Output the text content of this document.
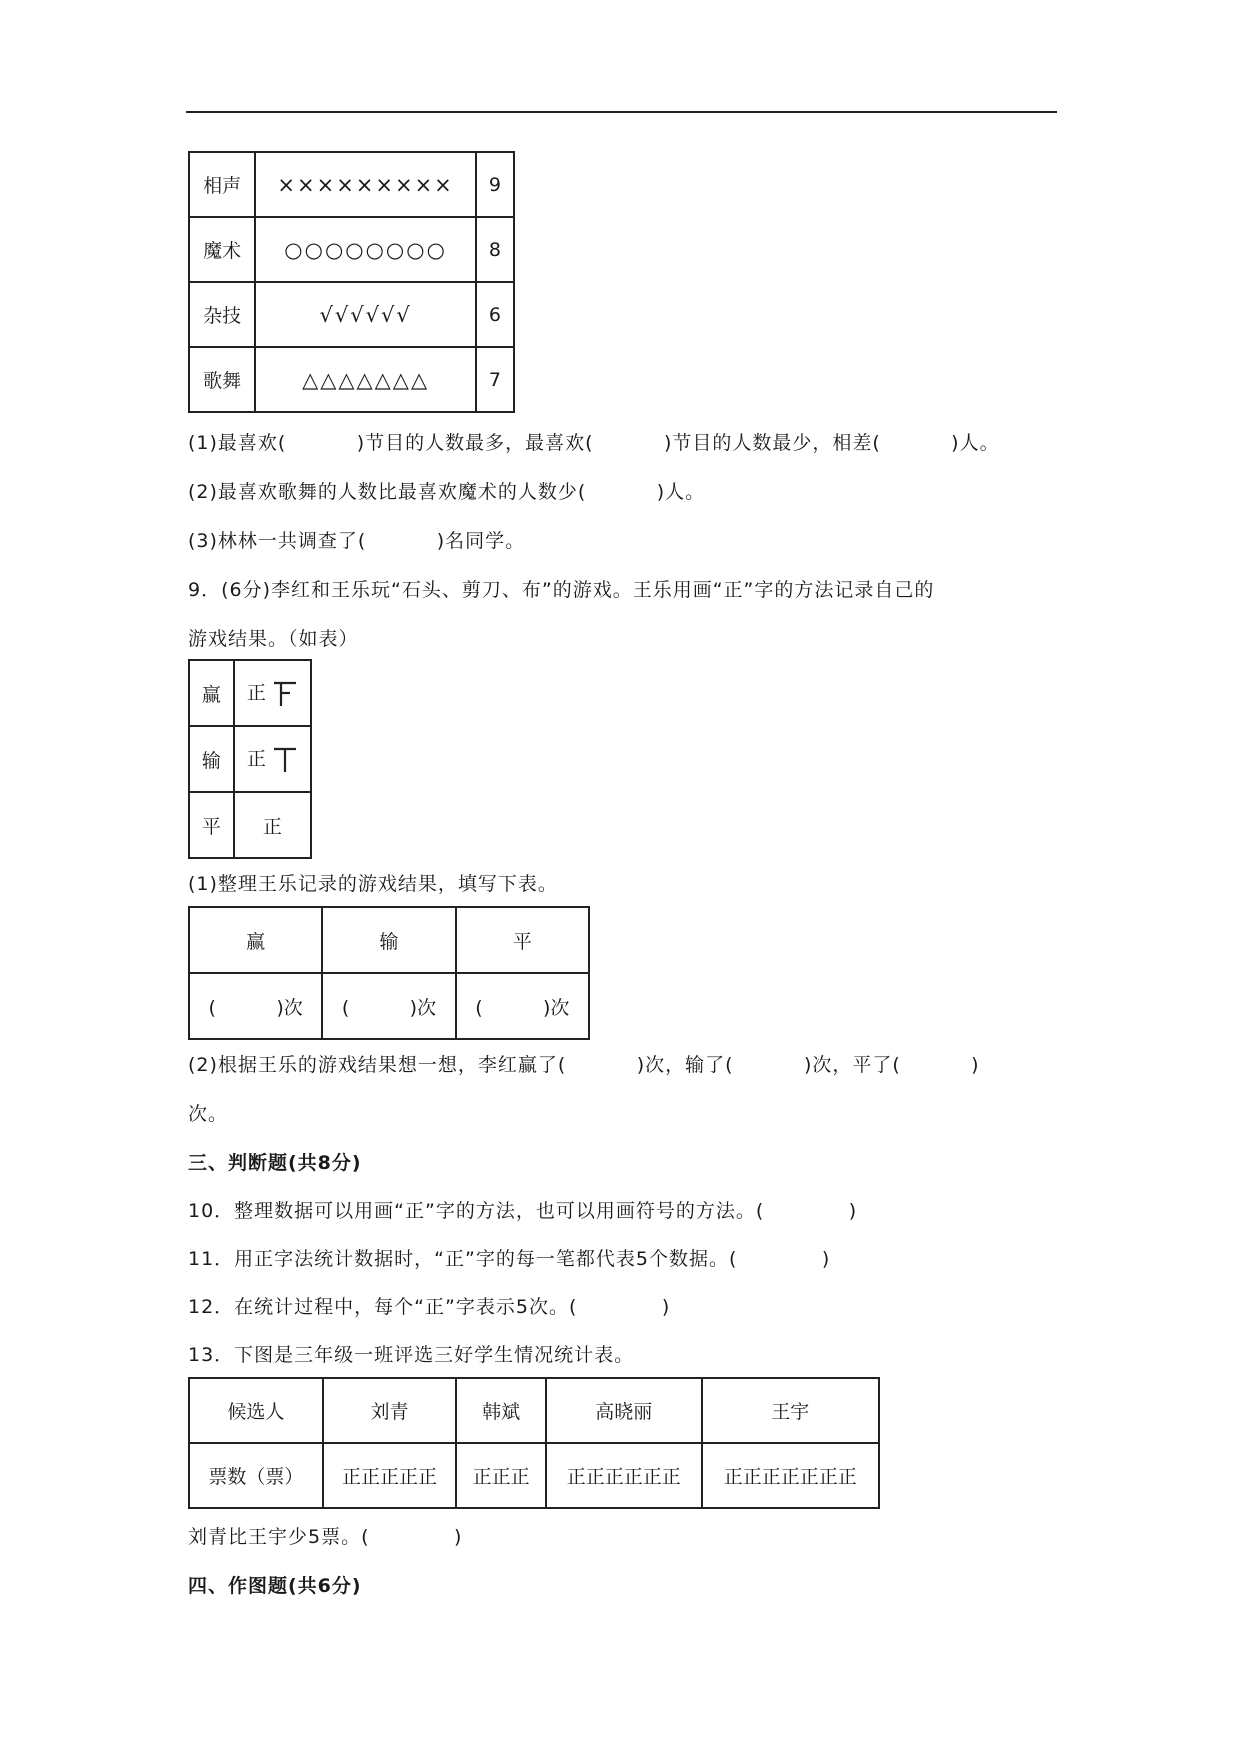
相声	×××××××××	9
魔术	○○○○○○○○	8
杂技	√√√√√√	6
歌舞	△△△△△△△	7
(1)最喜欢(          )节目的人数最多，最喜欢(          )节目的人数最少，相差(          )人。
(2)最喜欢歌舞的人数比最喜欢魔术的人数少(          )人。
(3)林林一共调查了(          )名同学。
9．(6分)李红和王乐玩“石头、剪刀、布”的游戏。王乐用画“正”字的方法记录自己的
游戏结果。（如表）
赢	正
输	正
平	正
(1)整理王乐记录的游戏结果，填写下表。
赢	输	平
(          )次	(          )次	(          )次
(2)根据王乐的游戏结果想一想，李红赢了(          )次，输了(          )次，平了(          )
次。
三、判断题(共8分)
10．整理数据可以用画“正”字的方法，也可以用画符号的方法。(            )
11．用正字法统计数据时，“正”字的每一笔都代表5个数据。(            )
12．在统计过程中，每个“正”字表示5次。(            )
13．下图是三年级一班评选三好学生情况统计表。
候选人	刘青	韩斌	高晓丽	王宇
票数（票）	正正正正正	正正正	正正正正正正	正正正正正正正
刘青比王宇少5票。(            )
四、作图题(共6分)
